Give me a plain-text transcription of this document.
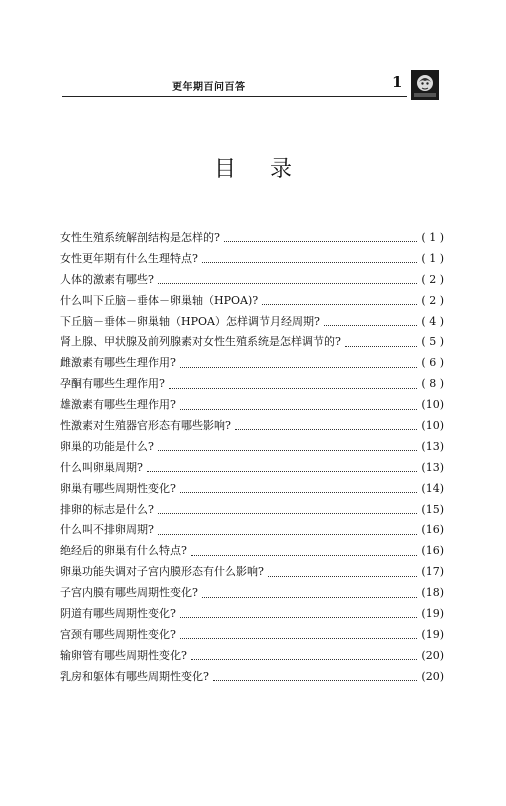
更年期百问百答	1
目录
女性生殖系统解剖结构是怎样的?	( 1 )
女性更年期有什么生理特点?	( 1 )
人体的激素有哪些?	( 2 )
什么叫下丘脑－垂体－卵巢轴（HPOA)?	( 2 )
下丘脑－垂体－卵巢轴（HPOA）怎样调节月经周期?	( 4 )
肾上腺、甲状腺及前列腺素对女性生殖系统是怎样调节的?	( 5 )
雌激素有哪些生理作用?	( 6 )
孕酮有哪些生理作用?	( 8 )
雄激素有哪些生理作用?	(10)
性激素对生殖器官形态有哪些影响?	(10)
卵巢的功能是什么?	(13)
什么叫卵巢周期?	(13)
卵巢有哪些周期性变化?	(14)
排卵的标志是什么?	(15)
什么叫不排卵周期?	(16)
绝经后的卵巢有什么特点?	(16)
卵巢功能失调对子宫内膜形态有什么影响?	(17)
子宫内膜有哪些周期性变化?	(18)
阴道有哪些周期性变化?	(19)
宫颈有哪些周期性变化?	(19)
输卵管有哪些周期性变化?	(20)
乳房和躯体有哪些周期性变化?	(20)
